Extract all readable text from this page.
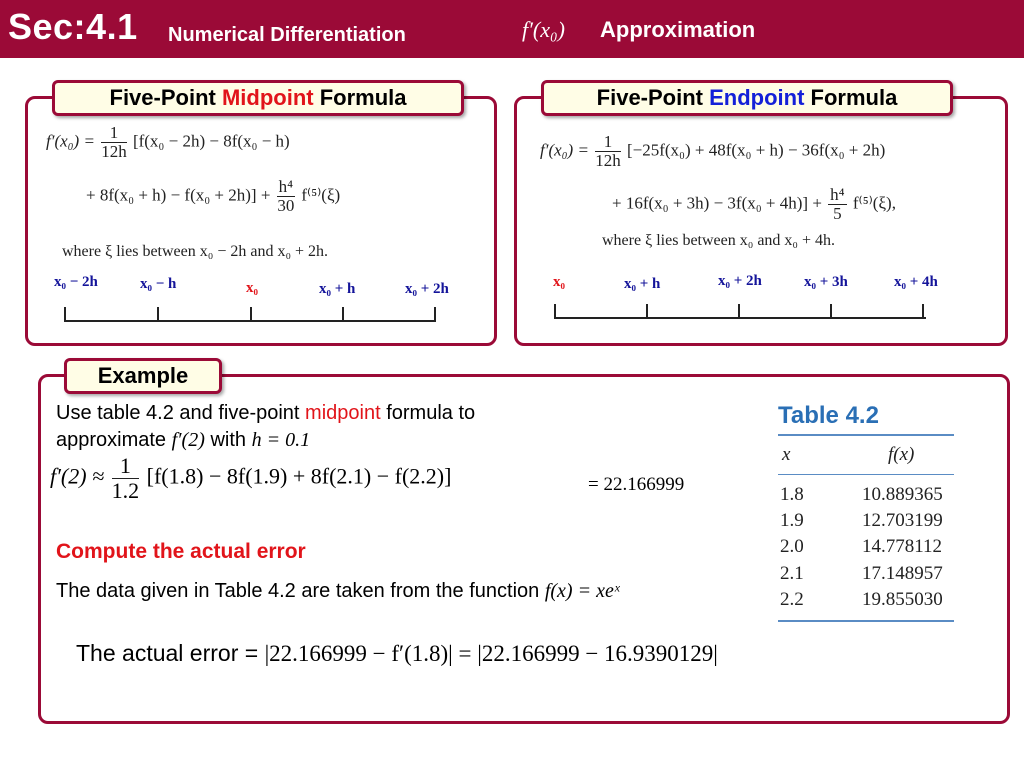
Sec:4.1 Numerical Differentiation	f′(x₀) Approximation
Five-Point Midpoint Formula
$f'(x_0) = \frac{1}{12h} [f(x_0 - 2h) - 8f(x_0 - h)$
+ $8f(x_0 + h) - f(x_0 + 2h)] + \frac{\text{h⁴}}{30} f^{(5)}(\xi)$
where ξ lies between x₀ − 2h and x₀ + 2h.
x₀ − 2h	x₀ − h	x₀	x₀ + h	x₀ + 2h
Five-Point Endpoint Formula
$f'(x_0) = \frac{1}{12h} [-25f(x_0) + 48f(x_0 + h) - 36f(x_0 + 2h)$
+ $16f(x_0 + 3h) - 3f(x_0 + 4h)] + \frac{\text{h⁴}}{5} f^{(5)}(\xi)$,
where ξ lies between x₀ and x₀ + 4h.
x₀	x₀ + h	x₀ + 2h	x₀ + 3h	x₀ + 4h
Example
Use table 4.2 and five-point midpoint formula to
approximate f′(2) with h = 0.1
$f'(2) \approx \frac{1}{1.2} [f(1.8) - 8f(1.9) + 8f(2.1) - f(2.2)]$	= 22.166999
Compute the actual error
The data given in Table 4.2 are taken from the function f(x) = xeˣ
The actual error = |22.166999 − f′(1.8)| = |22.166999 − 16.9390129|
Table 4.2
x	f(x)
1.8	10.889365
1.9	12.703199
2.0	14.778112
2.1	17.148957
2.2	19.855030
